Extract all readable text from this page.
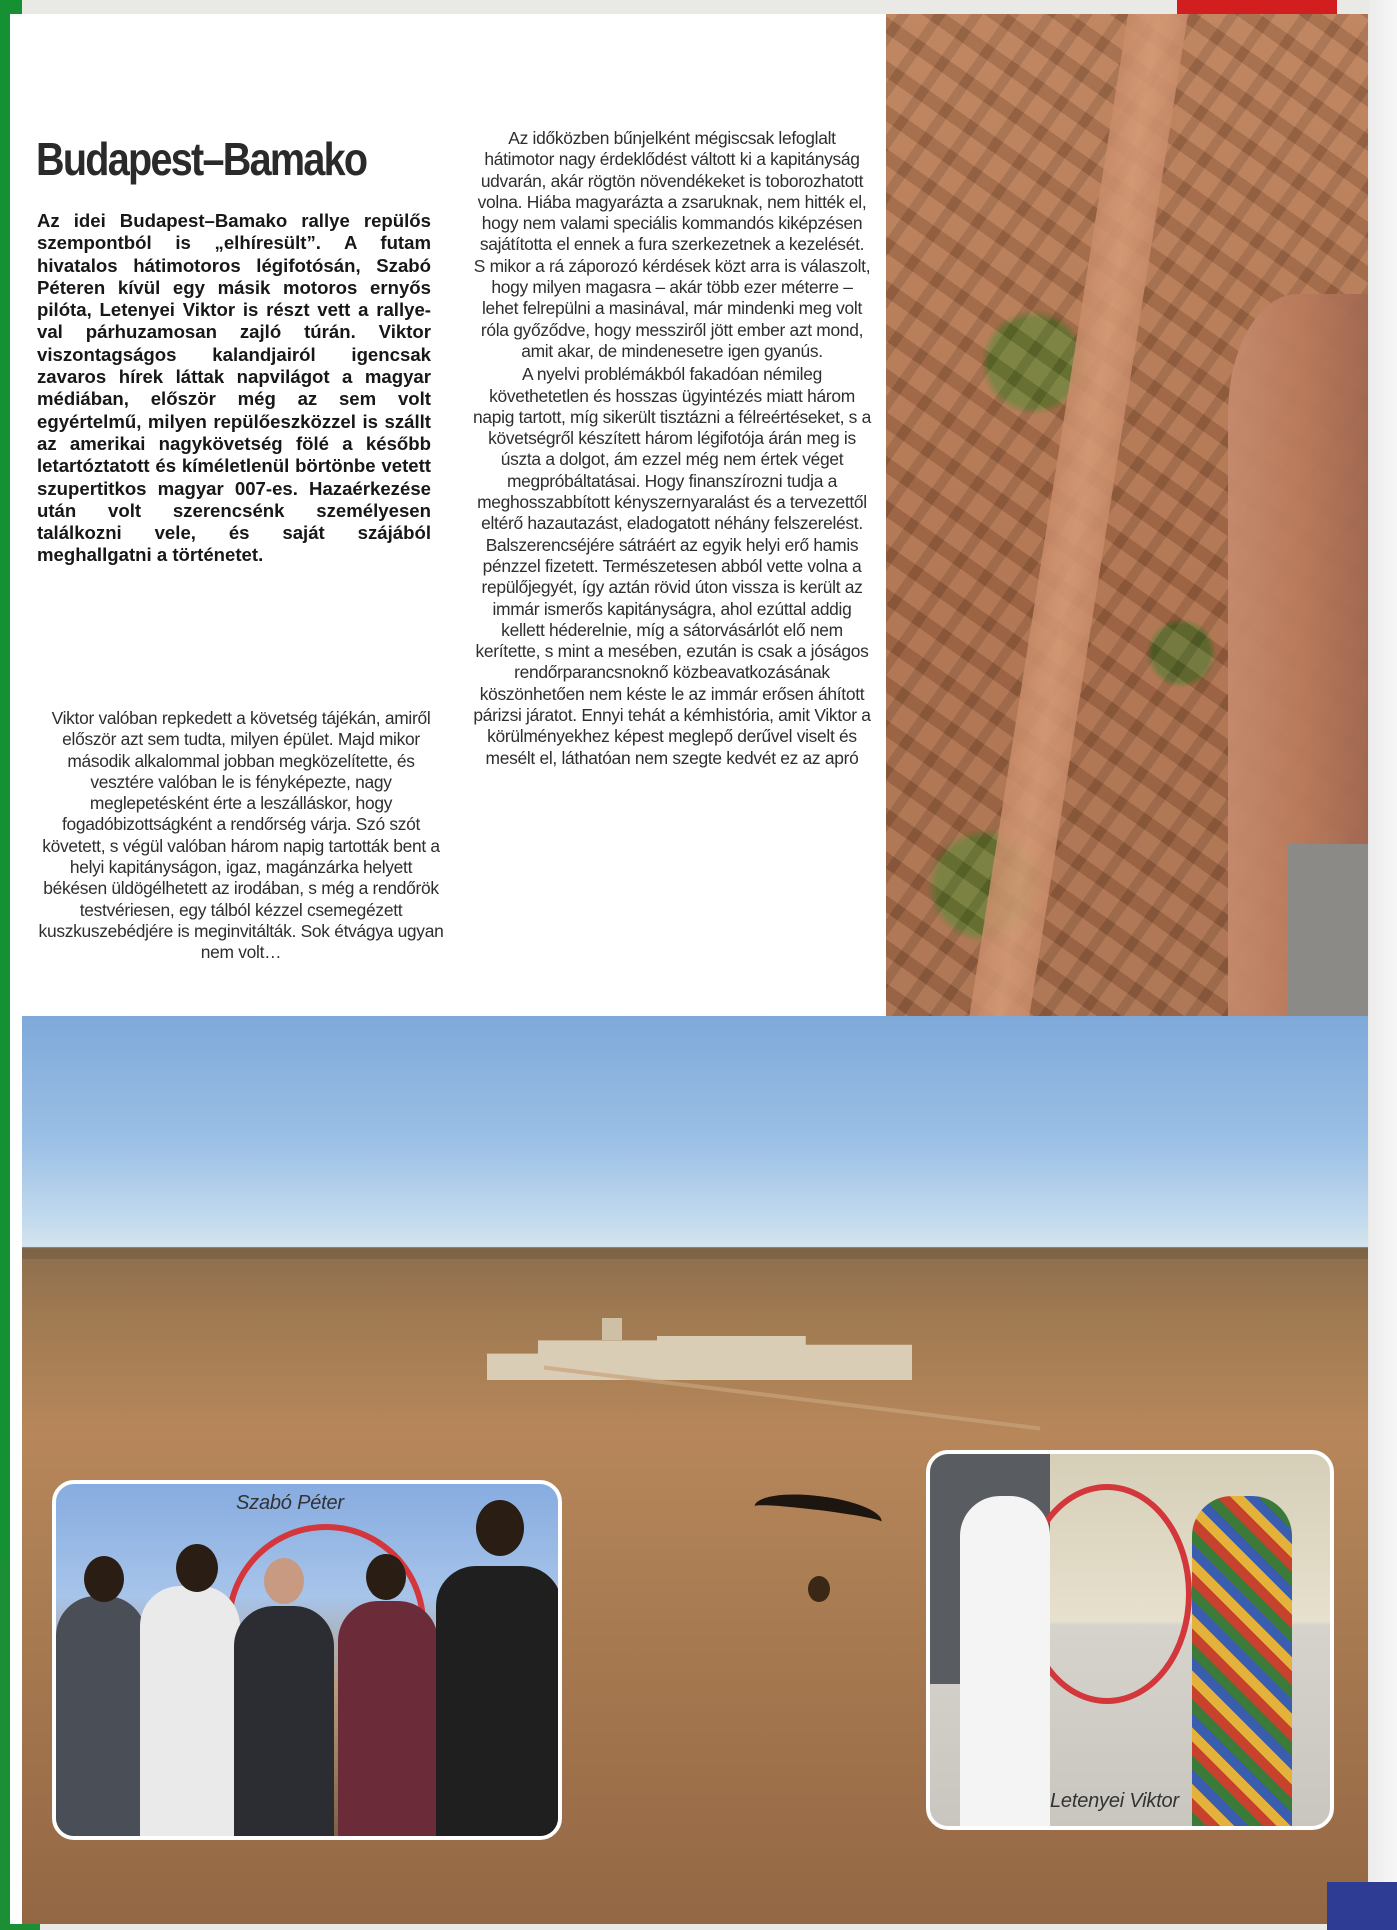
Szabó Péter
Letenyei Viktor
Budapest–Bamako

Az idei Budapest–Bamako rallye repülős szempontból is „elhíresült”. A futam hivatalos hátimotoros légifotósán, Szabó Péteren kívül egy másik motoros ernyős pilóta, Letenyei Viktor is részt vett a rallye-val párhuzamosan zajló túrán. Viktor viszontagságos kalandjairól igencsak zavaros hírek láttak napvilágot a magyar médiában, először még az sem volt egyértelmű, milyen repülőeszközzel is szállt az amerikai nagykövetség fölé a később letartóztatott és kíméletlenül börtönbe vetett szupertitkos magyar 007-es. Hazaérkezése után volt szerencsénk személyesen találkozni vele, és saját szájából meghallgatni a történetet.

Viktor valóban repkedett a követség tájékán, amiről először azt sem tudta, milyen épület. Majd mikor második alkalommal jobban megközelítette, és vesztére valóban le is fényképezte, nagy meglepetésként érte a leszálláskor, hogy fogadóbizottságként a rendőrség várja. Szó szót követett, s végül valóban három napig tartották bent a helyi kapitányságon, igaz, magánzárka helyett békésen üldögélhetett az irodában, s még a rendőrök testvériesen, egy tálból kézzel csemegézett kuszkuszebédjére is meginvitálták. Sok étvágya ugyan nem volt…

Az időközben bűnjelként mégiscsak lefoglalt hátimotor nagy érdeklődést váltott ki a kapitányság udvarán, akár rögtön növendékeket is toborozhatott volna. Hiába magyarázta a zsaruknak, nem hitték el, hogy nem valami speciális kommandós kiképzésen sajátította el ennek a fura szerkezetnek a kezelését. S mikor a rá záporozó kérdések közt arra is válaszolt, hogy milyen magasra – akár több ezer méterre – lehet felrepülni a masinával, már mindenki meg volt róla győződve, hogy messziről jött ember azt mond, amit akar, de mindenesetre igen gyanús.

A nyelvi problémákból fakadóan némileg követhetetlen és hosszas ügyintézés miatt három napig tartott, míg sikerült tisztázni a félreértéseket, s a követségről készített három légifotója árán meg is úszta a dolgot, ám ezzel még nem értek véget megpróbáltatásai. Hogy finanszírozni tudja a meghosszabbított kényszernyaralást és a tervezettől eltérő hazautazást, eladogatott néhány felszerelést. Balszerencséjére sátráért az egyik helyi erő hamis pénzzel fizetett. Természetesen abból vette volna a repülőjegyét, így aztán rövid úton vissza is került az immár ismerős kapitányságra, ahol ezúttal addig kellett héderelnie, míg a sátorvásárlót elő nem kerítette, s mint a mesében, ezután is csak a jóságos rendőrparancsnoknő közbeavatkozásának köszönhetően nem késte le az immár erősen áhított párizsi járatot. Ennyi tehát a kémhistória, amit Viktor a körülményekhez képest meglepő derűvel viselt és mesélt el, láthatóan nem szegte kedvét ez az apró
